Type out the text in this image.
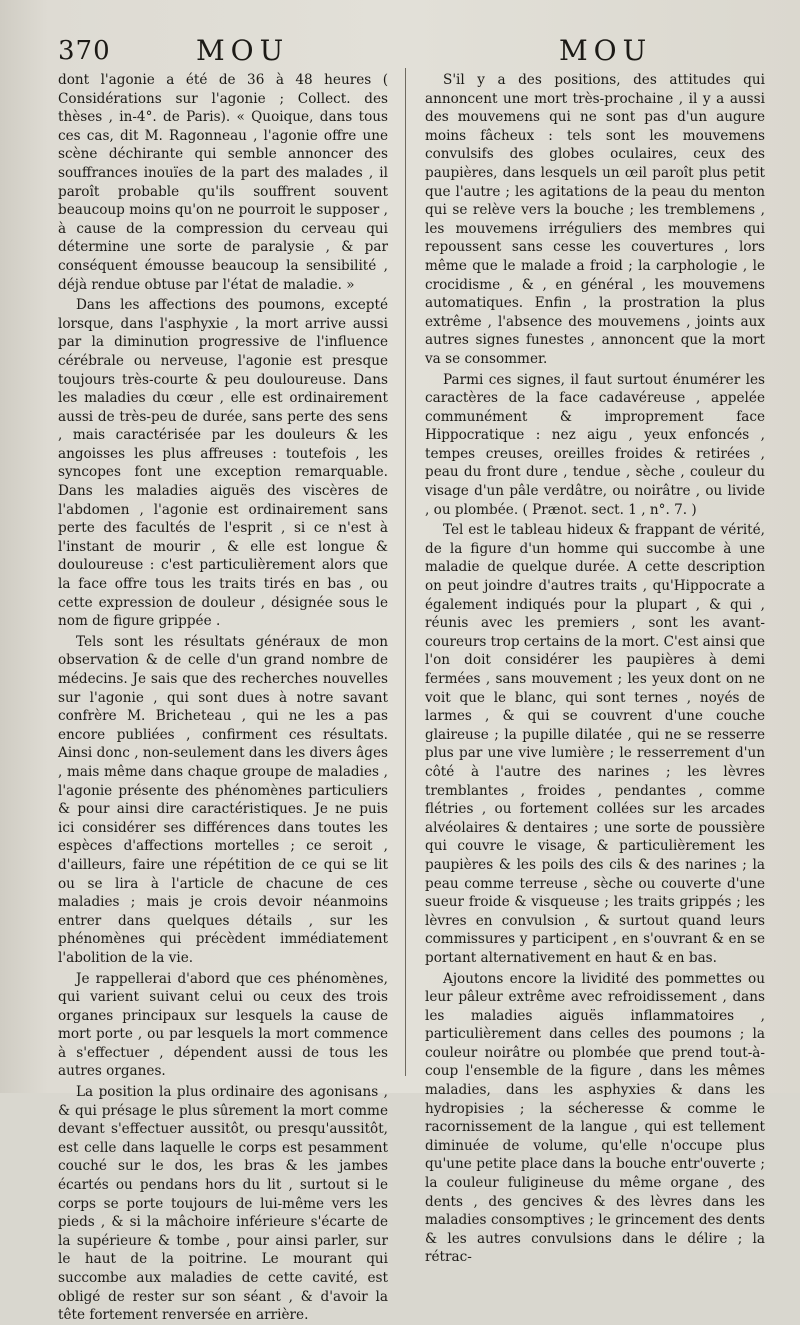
370	MOU	MOU

dont l'agonie a été de 36 à 48 heures ( Considérations sur l'agonie ; Collect. des thèses , in-4°. de Paris). « Quoique, dans tous ces cas, dit M. Ragonneau , l'agonie offre une scène déchirante qui semble annoncer des souffrances inouïes de la part des malades , il paroît probable qu'ils souffrent souvent beaucoup moins qu'on ne pourroit le supposer , à cause de la compression du cerveau qui détermine une sorte de paralysie , & par conséquent émousse beaucoup la sensibilité , déjà rendue obtuse par l'état de maladie. »

Dans les affections des poumons, excepté lorsque, dans l'asphyxie , la mort arrive aussi par la diminution progressive de l'influence cérébrale ou nerveuse, l'agonie est presque toujours très-courte & peu douloureuse. Dans les maladies du cœur , elle est ordinairement aussi de très-peu de durée, sans perte des sens , mais caractérisée par les douleurs & les angoisses les plus affreuses : toutefois , les syncopes font une exception remarquable. Dans les maladies aiguës des viscères de l'abdomen , l'agonie est ordinairement sans perte des facultés de l'esprit , si ce n'est à l'instant de mourir , & elle est longue & douloureuse : c'est particulièrement alors que la face offre tous les traits tirés en bas , ou cette expression de douleur , désignée sous le nom de figure grippée .

Tels sont les résultats généraux de mon observation & de celle d'un grand nombre de médecins. Je sais que des recherches nouvelles sur l'agonie , qui sont dues à notre savant confrère M. Bricheteau , qui ne les a pas encore publiées , confirment ces résultats. Ainsi donc , non-seulement dans les divers âges , mais même dans chaque groupe de maladies , l'agonie présente des phénomènes particuliers & pour ainsi dire caractéristiques. Je ne puis ici considérer ses différences dans toutes les espèces d'affections mortelles ; ce seroit , d'ailleurs, faire une répétition de ce qui se lit ou se lira à l'article de chacune de ces maladies ; mais je crois devoir néanmoins entrer dans quelques détails , sur les phénomènes qui précèdent immédiatement l'abolition de la vie.

Je rappellerai d'abord que ces phénomènes, qui varient suivant celui ou ceux des trois organes principaux sur lesquels la cause de mort porte , ou par lesquels la mort commence à s'effectuer , dépendent aussi de tous les autres organes.

La position la plus ordinaire des agonisans , & qui présage le plus sûrement la mort comme devant s'effectuer aussitôt, ou presqu'aussitôt, est celle dans laquelle le corps est pesamment couché sur le dos, les bras & les jambes écartés ou pendans hors du lit , surtout si le corps se porte toujours de lui-même vers les pieds , & si la mâchoire inférieure s'écarte de la supérieure & tombe , pour ainsi parler, sur le haut de la poitrine. Le mourant qui succombe aux maladies de cette cavité, est obligé de rester sur son séant , & d'avoir la tête fortement renversée en arrière.

S'il y a des positions, des attitudes qui annoncent une mort très-prochaine , il y a aussi des mouvemens qui ne sont pas d'un augure moins fâcheux : tels sont les mouvemens convulsifs des globes oculaires, ceux des paupières, dans lesquels un œil paroît plus petit que l'autre ; les agitations de la peau du menton qui se relève vers la bouche ; les tremblemens , les mouvemens irréguliers des membres qui repoussent sans cesse les couvertures , lors même que le malade a froid ; la carphologie , le crocidisme , & , en général , les mouvemens automatiques. Enfin , la prostration la plus extrême , l'absence des mouvemens , joints aux autres signes funestes , annoncent que la mort va se consommer.

Parmi ces signes, il faut surtout énumérer les caractères de la face cadavéreuse , appelée communément & improprement face Hippocratique : nez aigu , yeux enfoncés , tempes creuses, oreilles froides & retirées , peau du front dure , tendue , sèche , couleur du visage d'un pâle verdâtre, ou noirâtre , ou livide , ou plombée. ( Prænot. sect. 1 , n°. 7. )

Tel est le tableau hideux & frappant de vérité, de la figure d'un homme qui succombe à une maladie de quelque durée. A cette description on peut joindre d'autres traits , qu'Hippocrate a également indiqués pour la plupart , & qui , réunis avec les premiers , sont les avant-coureurs trop certains de la mort. C'est ainsi que l'on doit considérer les paupières à demi fermées , sans mouvement ; les yeux dont on ne voit que le blanc, qui sont ternes , noyés de larmes , & qui se couvrent d'une couche glaireuse ; la pupille dilatée , qui ne se resserre plus par une vive lumière ; le resserrement d'un côté à l'autre des narines ; les lèvres tremblantes , froides , pendantes , comme flétries , ou fortement collées sur les arcades alvéolaires & dentaires ; une sorte de poussière qui couvre le visage, & particulièrement les paupières & les poils des cils & des narines ; la peau comme terreuse , sèche ou couverte d'une sueur froide & visqueuse ; les traits grippés ; les lèvres en convulsion , & surtout quand leurs commissures y participent , en s'ouvrant & en se portant alternativement en haut & en bas.

Ajoutons encore la lividité des pommettes ou leur pâleur extrême avec refroidissement , dans les maladies aiguës inflammatoires , particulièrement dans celles des poumons ; la couleur noirâtre ou plombée que prend tout-à-coup l'ensemble de la figure , dans les mêmes maladies, dans les asphyxies & dans les hydropisies ; la sécheresse & comme le racornissement de la langue , qui est tellement diminuée de volume, qu'elle n'occupe plus qu'une petite place dans la bouche entr'ouverte ; la couleur fuligineuse du même organe , des dents , des gencives & des lèvres dans les maladies consomptives ; le grincement des dents & les autres convulsions dans le délire ; la rétrac-
